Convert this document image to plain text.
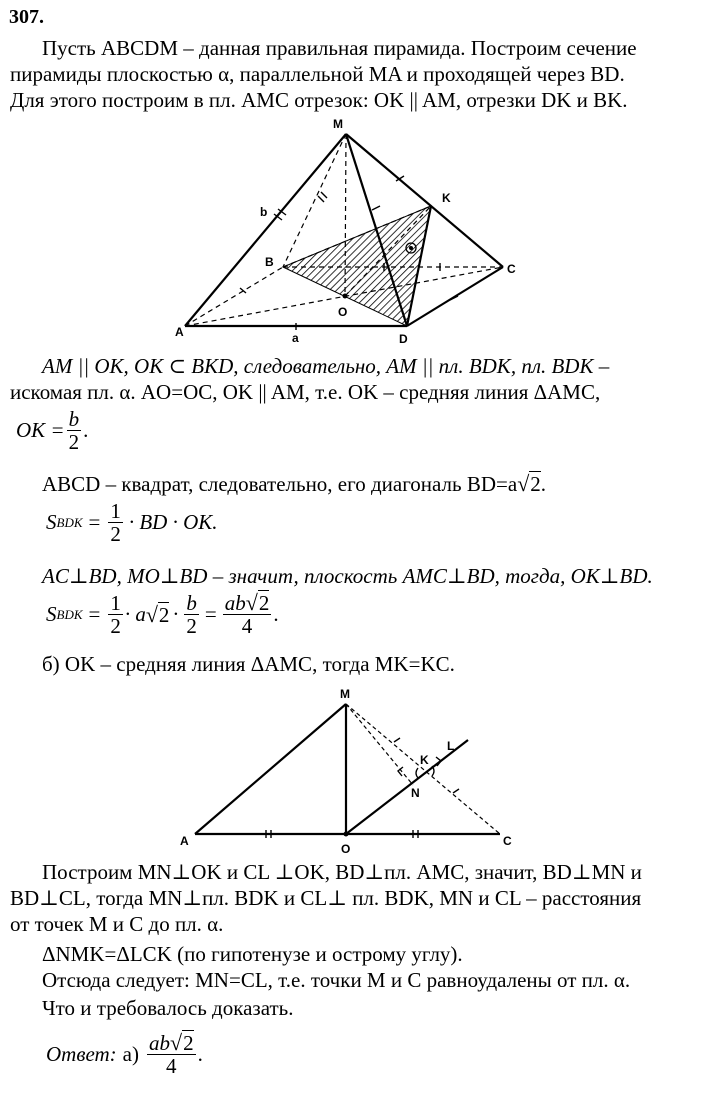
307.
Пусть ABCDM – данная правильная пирамида. Построим сечение
пирамиды плоскостью α, параллельной MA и проходящей через BD.
Для этого построим в пл. AMC отрезок: OK || AM, отрезки DK и BK.
M
K
B	C
O
A	D
a
b
AM || OK, OK ⊂ BKD, следовательно, AM || пл. BDK, пл. BDK –
искомая пл. α. AO=OC, OK || AM, т.е. OK – средняя линия ΔAMC,
OK = $\frac{b}{2}$ .
ABCD – квадрат, следовательно, его диагональ BD=a√2.
S BDK = $\frac{1}{2}$ · BD · OK.
AC⊥BD, MO⊥BD – значит, плоскость AMC⊥BD, тогда, OK⊥BD.
S BDK = $\frac{1}{2} \cdot a$ √ $2 \cdot \frac{b}{2} = \frac{ab√2}{4}$ .
б) OK – средняя линия ΔAMC, тогда MK=KC.
M
L
K
N
A
O
C
Построим MN⊥OK и CL ⊥OK, BD⊥пл. AMC, значит, BD⊥MN и
BD⊥CL, тогда MN⊥пл. BDK и CL⊥ пл. BDK, MN и CL – расстояния
от точек M и C до пл. α.
ΔNMK=ΔLCK (по гипотенузе и острому углу).
Отсюда следует: MN=CL, т.е. точки M и C равноудалены от пл. α.
Что и требовалось доказать.
Ответ: $а) \frac{ab√2}{4}$ .
